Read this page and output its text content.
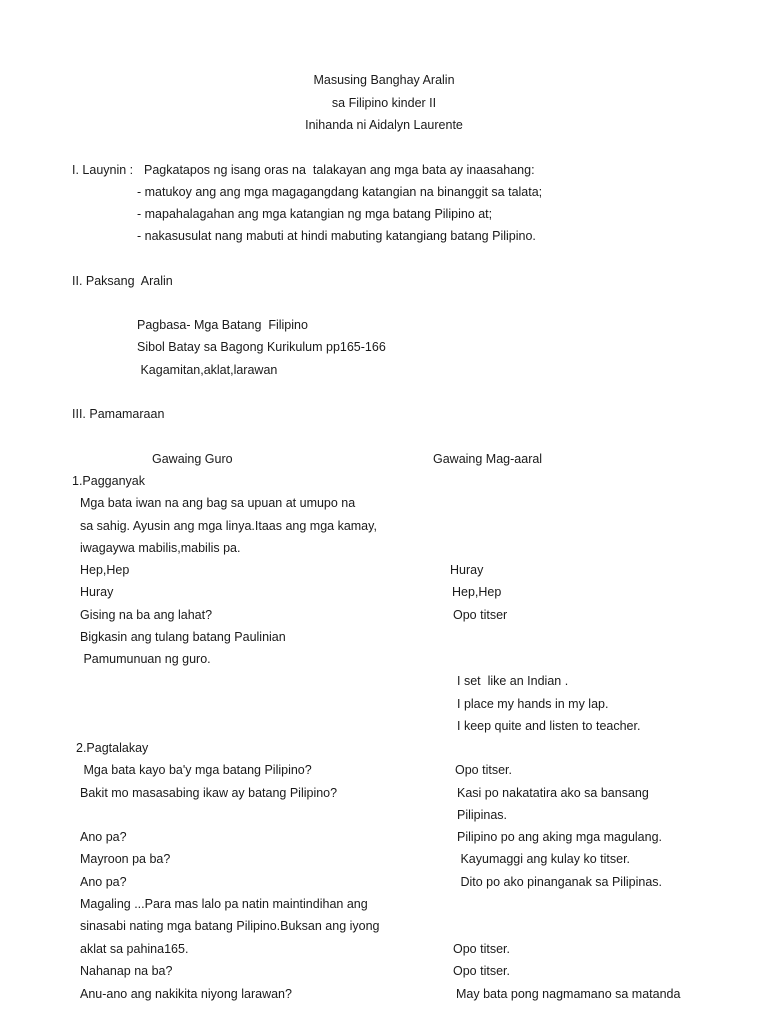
Masusing Banghay Aralin
sa Filipino kinder II
Inihanda ni Aidalyn Laurente
I. Lauynin : Pagkatapos ng isang oras na  talakayan ang mga bata ay inaasahang:
- matukoy ang ang mga magagangdang katangian na binanggit sa talata;
- mapahalagahan ang mga katangian ng mga batang Pilipino at;
- nakasusulat nang mabuti at hindi mabuting katangiang batang Pilipino.
II. Paksang  Aralin
Pagbasa- Mga Batang  Filipino
Sibol Batay sa Bagong Kurikulum pp165-166
Kagamitan,aklat,larawan
III. Pamamaraan
Gawaing Guro	Gawaing Mag-aaral
1.Pagganyak
Mga bata iwan na ang bag sa upuan at umupo na
sa sahig. Ayusin ang mga linya.Itaas ang mga kamay,
iwagaywa mabilis,mabilis pa.
Hep,Hep	Huray
Huray	Hep,Hep
Gising na ba ang lahat?	Opo titser
Bigkasin ang tulang batang Paulinian
Pamumunuan ng guro.
I set  like an Indian .
I place my hands in my lap.
I keep quite and listen to teacher.
2.Pagtalakay
Mga bata kayo ba'y mga batang Pilipino?	Opo titser.
Bakit mo masasabing ikaw ay batang Pilipino?	Kasi po nakatatira ako sa bansang
Pilipinas.
Ano pa?	Pilipino po ang aking mga magulang.
Mayroon pa ba?	Kayumaggi ang kulay ko titser.
Ano pa?	Dito po ako pinanganak sa Pilipinas.
Magaling ...Para mas lalo pa natin maintindihan ang
sinasabi nating mga batang Pilipino.Buksan ang iyong
aklat sa pahina165.	Opo titser.
Nahanap na ba?	Opo titser.
Anu-ano ang nakikita niyong larawan?	May bata pong nagmamano sa matanda
